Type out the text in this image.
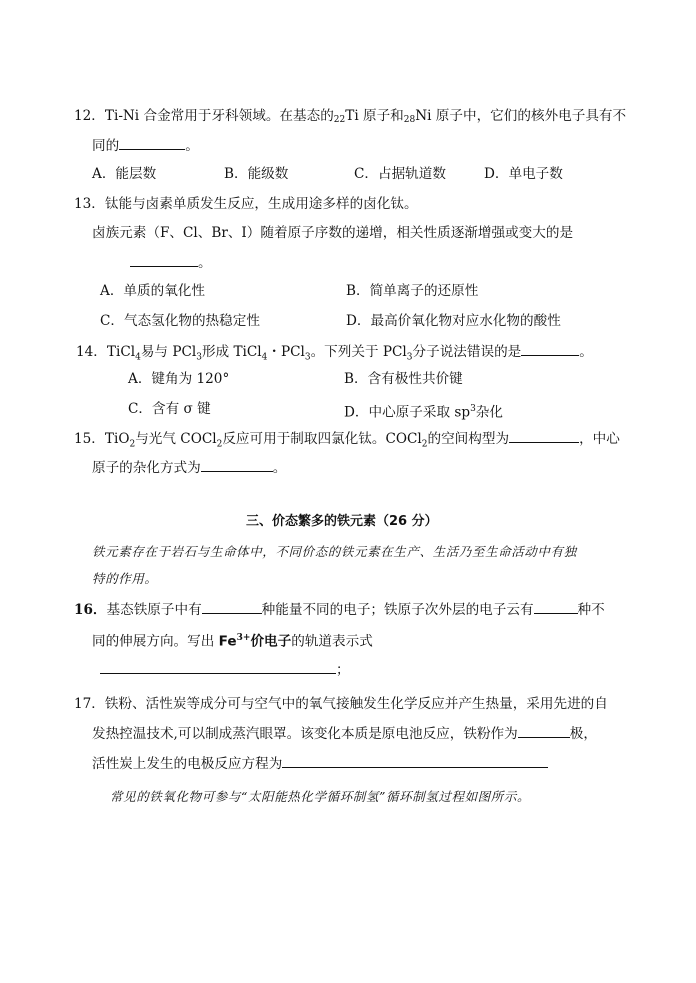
12．Ti-Ni 合金常用于牙科领域。在基态的$_{22}$Ti 原子和$_{28}$Ni 原子中，它们的核外电子具有不
同的	。
A．能层数	B．能级数	C．占据轨道数	D．单电子数
13．钛能与卤素单质发生反应，生成用途多样的卤化钛。
卤族元素（F、Cl、Br、I）随着原子序数的递增，相关性质逐渐增强或变大的是
。
A．单质的氧化性	B．简单离子的还原性
C．气态氢化物的热稳定性	D．最高价氧化物对应水化物的酸性
14．TiCl$_4$易与 PCl$_3$形成 TiCl$_4$・PCl$_3$。下列关于 PCl$_3$分子说法错误的是	。
A．键角为 120°	B．含有极性共价键
C．含有 σ 键	D．中心原子采取 $sp^3$杂化
15．TiO$_2$与光气 COCl$_2$反应可用于制取四氯化钛。COCl$_2$的空间构型为	，中心
原子的杂化方式为	。
三、价态繁多的铁元素（26 分）
铁元素存在于岩石与生命体中，不同价态的铁元素在生产、生活乃至生命活动中有独
特的作用。
16．基态铁原子中有	种能量不同的电子；铁原子次外层的电子云有	种不
同的伸展方向。写出 $Fe^{3+}$价电子的轨道表示式
；
17．铁粉、活性炭等成分可与空气中的氧气接触发生化学反应并产生热量，采用先进的自
发热控温技术,可以制成蒸汽眼罩。该变化本质是原电池反应，铁粉作为	极，
活性炭上发生的电极反应方程为
常见的铁氧化物可参与“太阳能热化学循环制氢”循环制氢过程如图所示。
